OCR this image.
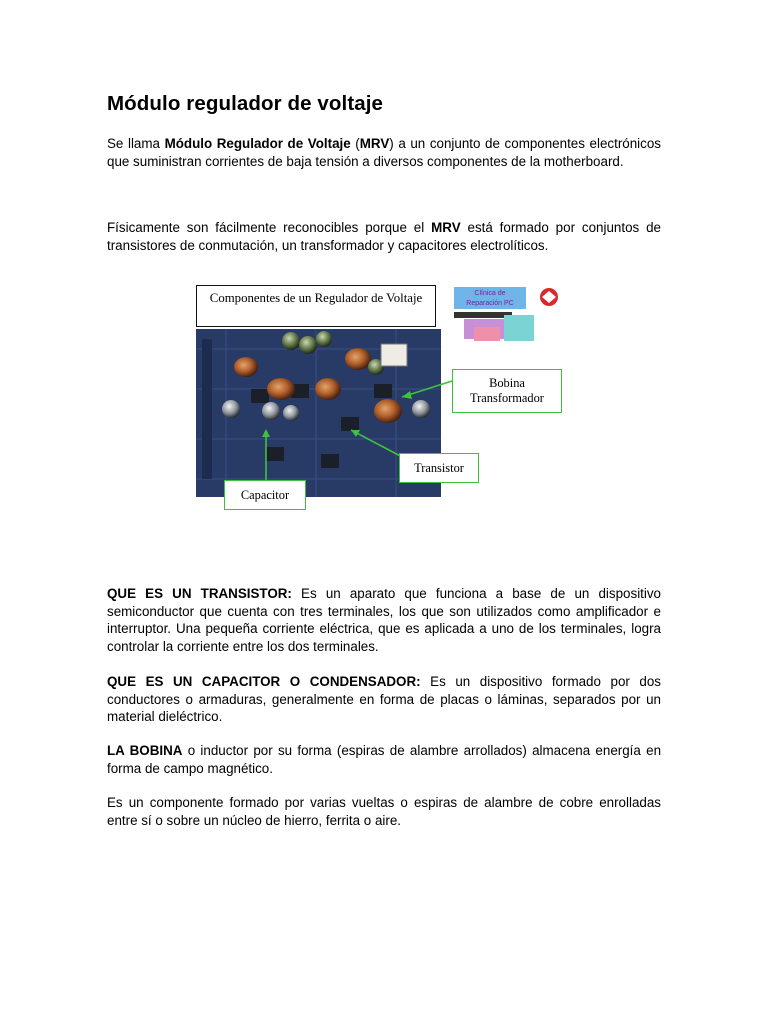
Módulo regulador de voltaje

Se llama Módulo Regulador de Voltaje (MRV) a un conjunto de componentes electrónicos que suministran corrientes de baja tensión a diversos componentes de la motherboard.

Físicamente son fácilmente reconocibles porque el MRV está formado por conjuntos de transistores de conmutación, un transformador y capacitores electrolíticos.

Componentes de un Regulador de Voltaje	Clínica de
Reparación PC
Bobina
Transformador
Transistor
Capacitor

QUE ES UN TRANSISTOR: Es un aparato que funciona a base de un dispositivo semiconductor que cuenta con tres terminales, los que son utilizados como amplificador e interruptor. Una pequeña corriente eléctrica, que es aplicada a uno de los terminales, logra controlar la corriente entre los dos terminales.

QUE ES UN CAPACITOR O CONDENSADOR: Es un dispositivo formado por dos conductores o armaduras, generalmente en forma de placas o láminas, separados por un material dieléctrico.

LA BOBINA o inductor por su forma (espiras de alambre arrollados) almacena energía en forma de campo magnético.

Es un componente formado por varias vueltas o espiras de alambre de cobre enrolladas entre sí o sobre un núcleo de hierro, ferrita o aire.
